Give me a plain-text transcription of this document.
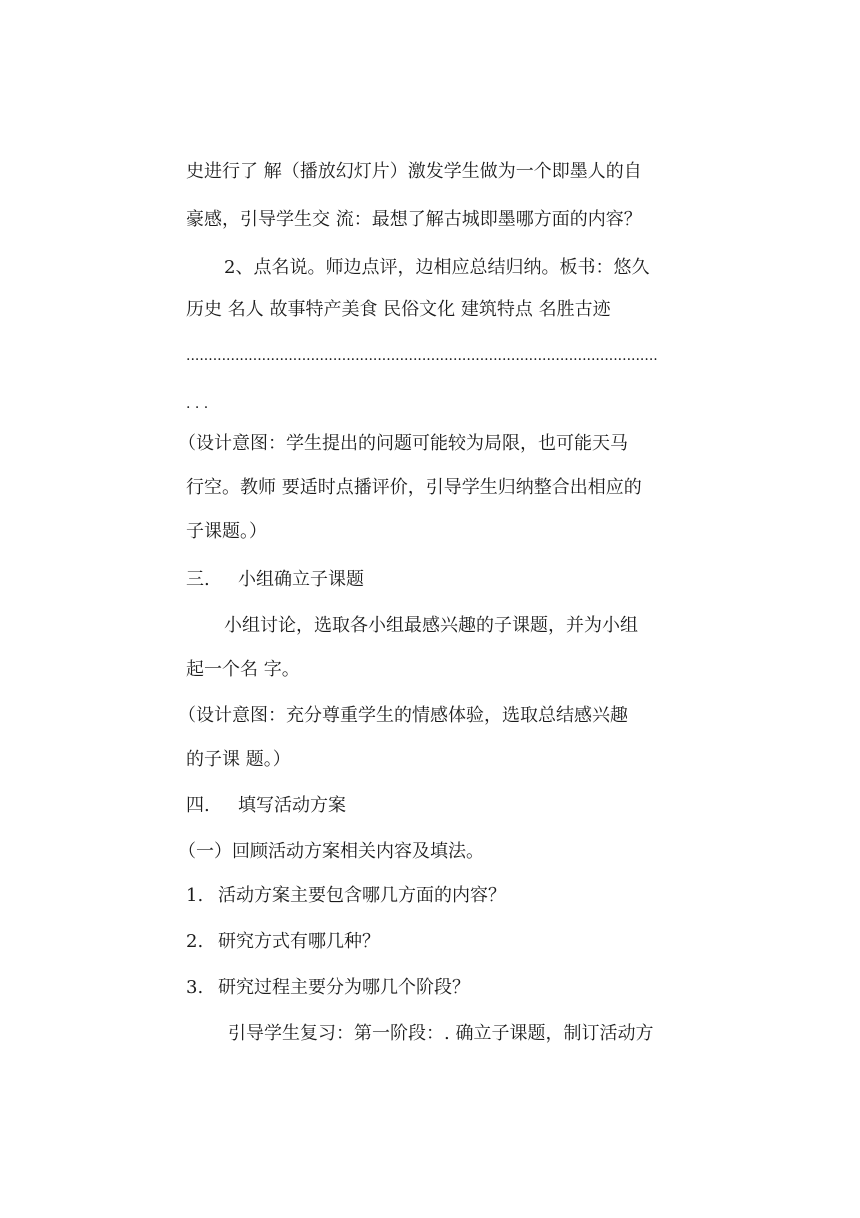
史进行了 解（播放幻灯片）激发学生做为一个即墨人的自
豪感，引导学生交 流：最想了解古城即墨哪方面的内容？
2、点名说。师边点评，边相应总结归纳。板书：悠久
历史 名人 故事特产美食 民俗文化 建筑特点 名胜古迹
..........................................................................................................
. . .
（设计意图：学生提出的问题可能较为局限，也可能天马
行空。教师 要适时点播评价，引导学生归纳整合出相应的
子课题。）
三. 小组确立子课题
小组讨论，选取各小组最感兴趣的子课题，并为小组
起一个名 字。
（设计意图：充分尊重学生的情感体验，选取总结感兴趣
的子课 题。）
四. 填写活动方案
（一）回顾活动方案相关内容及填法。
1. 活动方案主要包含哪几方面的内容？
2. 研究方式有哪几种？
3. 研究过程主要分为哪几个阶段？
引导学生复习：第一阶段：. 确立子课题，制订活动方
